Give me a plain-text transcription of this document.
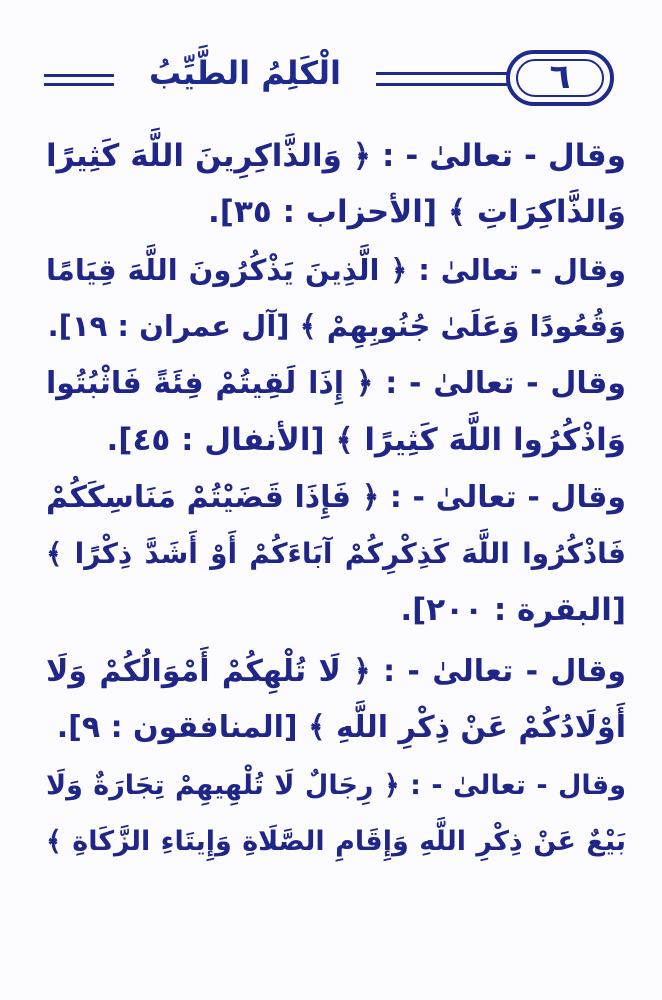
الْكَلِمُ الطَّيِّبُ	٦
وقال - تعالىٰ - : ﴿ وَالذَّاكِرِينَ اللَّهَ كَثِيرًا
وَالذَّاكِرَاتِ ﴾ [الأحزاب : ٣٥].
وقال - تعالىٰ : ﴿ الَّذِينَ يَذْكُرُونَ اللَّهَ قِيَامًا
وَقُعُودًا وَعَلَىٰ جُنُوبِهِمْ ﴾ [آل عمران : ١٩].
وقال - تعالىٰ - : ﴿ إِذَا لَقِيتُمْ فِئَةً فَاثْبُتُوا
وَاذْكُرُوا اللَّهَ كَثِيرًا ﴾ [الأنفال : ٤٥].
وقال - تعالىٰ - : ﴿ فَإِذَا قَضَيْتُمْ مَنَاسِكَكُمْ
فَاذْكُرُوا اللَّهَ كَذِكْرِكُمْ آبَاءَكُمْ أَوْ أَشَدَّ ذِكْرًا ﴾
[البقرة : ٢٠٠].
وقال - تعالىٰ - : ﴿ لَا تُلْهِكُمْ أَمْوَالُكُمْ وَلَا
أَوْلَادُكُمْ عَنْ ذِكْرِ اللَّهِ ﴾ [المنافقون : ٩].
وقال - تعالىٰ - : ﴿ رِجَالٌ لَا تُلْهِيهِمْ تِجَارَةٌ وَلَا
بَيْعٌ عَنْ ذِكْرِ اللَّهِ وَإِقَامِ الصَّلَاةِ وَإِيتَاءِ الزَّكَاةِ ﴾
